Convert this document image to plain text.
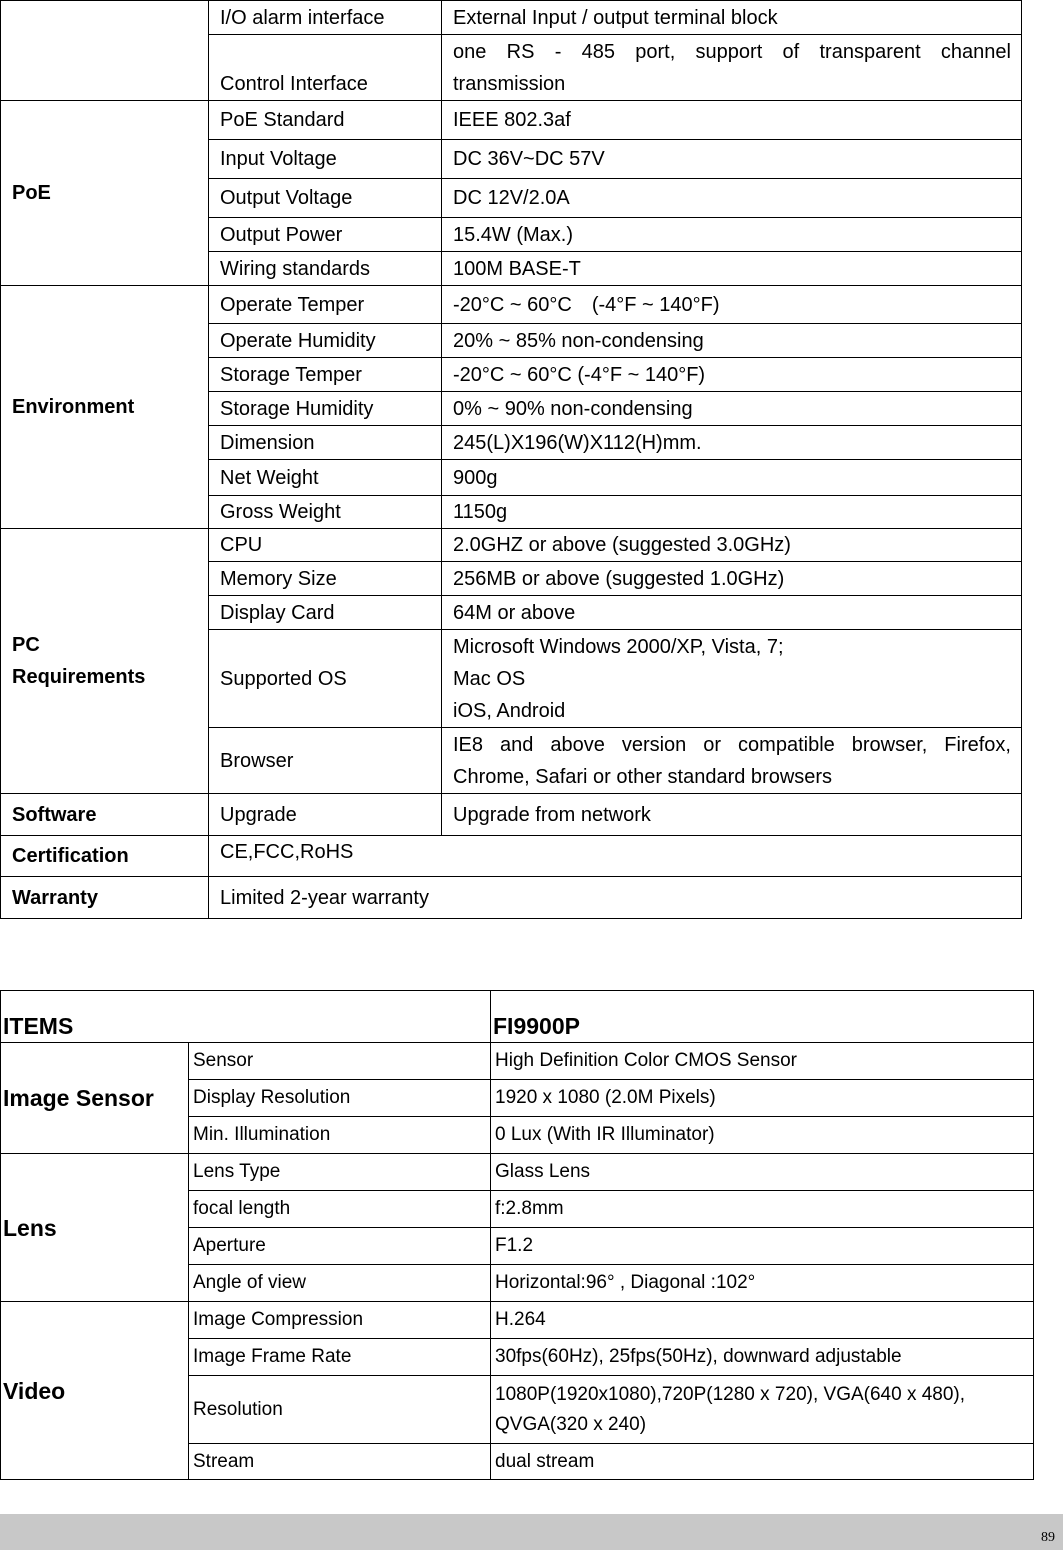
	I/O alarm interface	External Input / output terminal block
	Control Interface	one RS - 485 port, support of transparent channel transmission
PoE	PoE Standard	IEEE 802.3af
	Input Voltage	DC 36V~DC 57V
	Output Voltage	DC 12V/2.0A
	Output Power	15.4W (Max.)
	Wiring standards	100M BASE-T
Environment	Operate Temper	-20°C ~ 60°C　(-4°F ~ 140°F)
	Operate Humidity	20% ~ 85% non-condensing
	Storage Temper	-20°C ~ 60°C (-4°F ~ 140°F)
	Storage Humidity	0% ~ 90% non-condensing
	Dimension	245(L)X196(W)X112(H)mm.
	Net Weight	900g
	Gross Weight	1150g

PC
Requirements	CPU	2.0GHZ or above (suggested 3.0GHz)
	Memory Size	256MB or above (suggested 1.0GHz)
	Display Card	64M or above
	Supported OS	Microsoft Windows 2000/XP, Vista, 7;
Mac OS
iOS, Android

	Browser	IE8 and above version or compatible browser, Firefox, Chrome, Safari or other standard browsers
Software	Upgrade	Upgrade from network
Certification	CE,FCC,RoHS	
Warranty	Limited 2-year warranty	
ITEMS		FI9900P
Image Sensor	Sensor	High Definition Color CMOS Sensor
	Display Resolution	1920 x 1080 (2.0M Pixels)
	Min. Illumination	0 Lux (With IR Illuminator)
Lens	Lens Type	Glass Lens
	focal length	f:2.8mm
	Aperture	F1.2
	Angle of view	Horizontal:96° , Diagonal :102°
Video	Image Compression	H.264
	Image Frame Rate	30fps(60Hz), 25fps(50Hz), downward adjustable
	Resolution	1080P(1920x1080),720P(1280 x 720), VGA(640 x 480),
QVGA(320 x 240)

	Stream	dual stream
89
